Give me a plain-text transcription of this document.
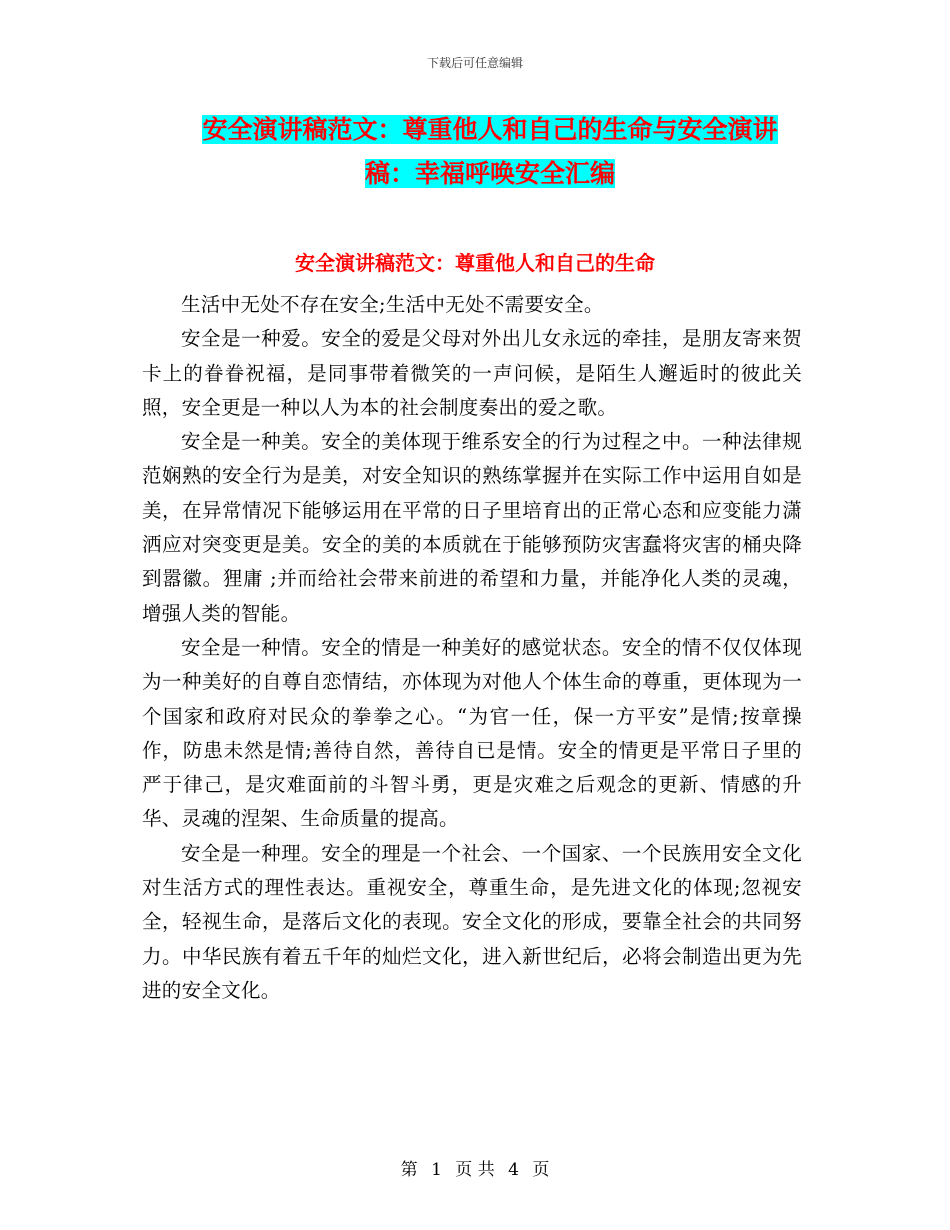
下载后可任意编辑
安全演讲稿范文：尊重他人和自己的生命与安全演讲
稿：幸福呼唤安全汇编
安全演讲稿范文：尊重他人和自己的生命

生活中无处不存在安全;生活中无处不需要安全。

安全是一种爱。安全的爱是父母对外出儿女永远的牵挂，是朋友寄来贺卡上的眷眷祝福，是同事带着微笑的一声问候，是陌生人邂逅时的彼此关照，安全更是一种以人为本的社会制度奏出的爱之歌。

安全是一种美。安全的美体现于维系安全的行为过程之中。一种法律规范娴熟的安全行为是美，对安全知识的熟练掌握并在实际工作中运用自如是美，在异常情况下能够运用在平常的日子里培育出的正常心态和应变能力潇洒应对突变更是美。安全的美的本质就在于能够预防灾害蠢将灾害的桶央降到嚣徽。狸庸 ;并而给社会带来前进的希望和力量，并能净化人类的灵魂，增强人类的智能。

安全是一种情。安全的情是一种美好的感觉状态。安全的情不仅仅体现为一种美好的自尊自恋情结，亦体现为对他人个体生命的尊重，更体现为一个国家和政府对民众的拳拳之心。“为官一任，保一方平安”是情;按章操作，防患未然是情;善待自然，善待自已是情。安全的情更是平常日子里的严于律己，是灾难面前的斗智斗勇，更是灾难之后观念的更新、情感的升华、灵魂的涅架、生命质量的提高。

安全是一种理。安全的理是一个社会、一个国家、一个民族用安全文化对生活方式的理性表达。重视安全，尊重生命，是先进文化的体现;忽视安全，轻视生命，是落后文化的表现。安全文化的形成，要靠全社会的共同努力。中华民族有着五千年的灿烂文化，进入新世纪后，必将会制造出更为先进的安全文化。

第 1 页 共 4 页
